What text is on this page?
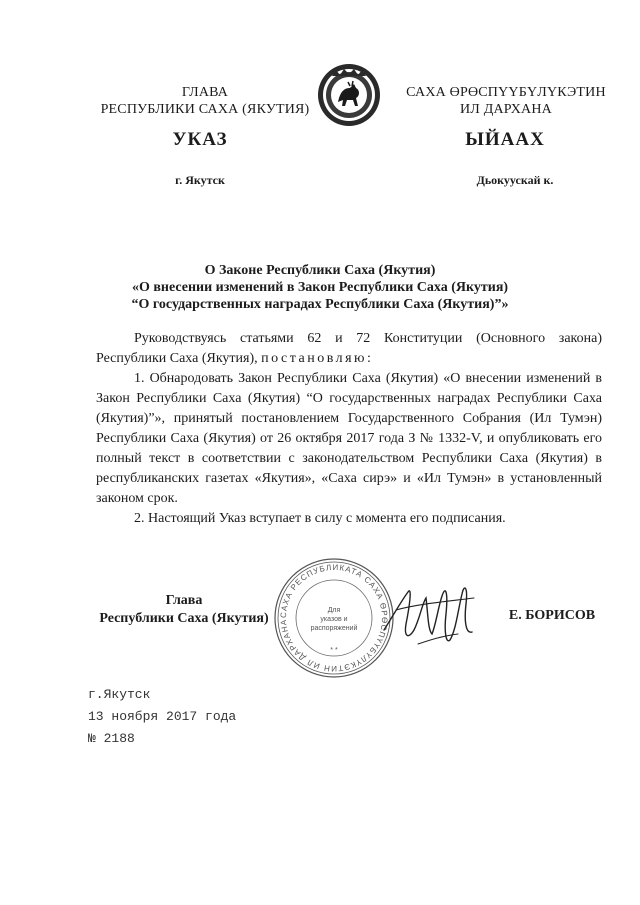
ГЛАВА
РЕСПУБЛИКИ САХА (ЯКУТИЯ)
САХА ӨРӨСПҮҮБҮЛҮКЭТИН
ИЛ ДАРХАНА
УКАЗ	ЫЙААХ
г. Якутск	Дьокуускай к.
О Законе Республики Саха (Якутия)
«О внесении изменений в Закон Республики Саха (Якутия)
“О государственных наградах Республики Саха (Якутия)”»

Руководствуясь статьями 62 и 72 Конституции (Основного закона) Республики Саха (Якутия), постановляю:

1. Обнародовать Закон Республики Саха (Якутия) «О внесении изменений в Закон Республики Саха (Якутия) “О государственных наградах Республики Саха (Якутия)”», принятый постановлением Государственного Собрания (Ил Тумэн) Республики Саха (Якутия) от 26 октября 2017 года З № 1332-V, и опубликовать его полный текст в соответствии с законодательством Республики Саха (Якутия) в республиканских газетах «Якутия», «Саха сирэ» и «Ил Тумэн» в установленный законом срок.

2. Настоящий Указ вступает в силу с момента его подписания.

Глава
Республики Саха (Якутия)	САХА РЕСПУБЛИКАТА САХА ӨРӨСПҮҮБҮЛҮКЭТИН ИЛ ДАРХАНА
Для
указов и
распоряжений
* *
Е. БОРИСОВ
г.Якутск
13 ноября 2017 года
№ 2188
